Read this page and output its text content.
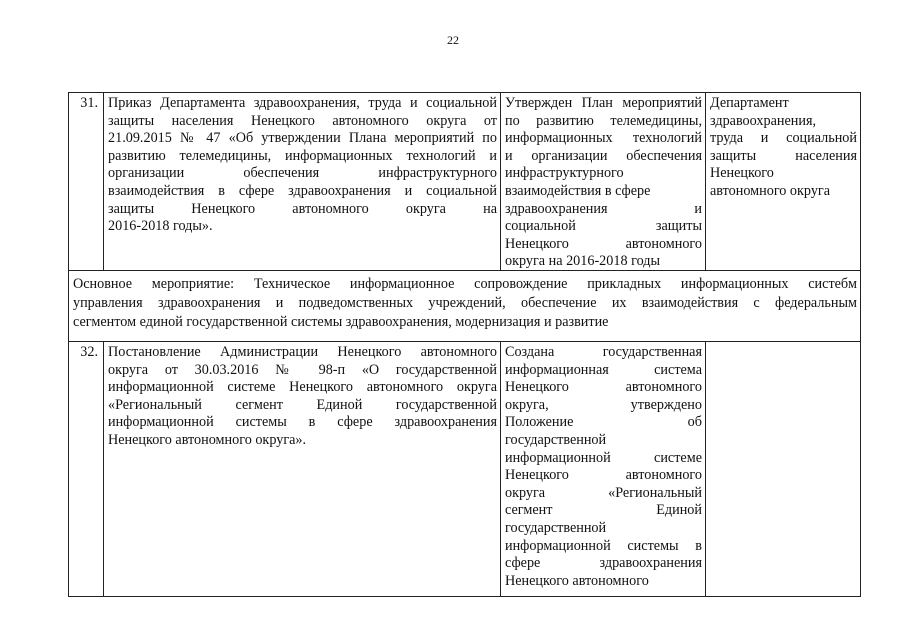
22
31. Приказ Департамента здравоохранения, труда и социальной
защиты населения Ненецкого автономного округа от
21.09.2015 № 47 «Об утверждении Плана мероприятий по
развитию телемедицины, информационных технологий и
организации обеспечения инфраструктурного
взаимодействия в сфере здравоохранения и социальной
защиты Ненецкого автономного округа на
2016-2018 годы».
Утвержден План мероприятий
по развитию телемедицины,
информационных технологий
и организации обеспечения
инфраструктурного
взаимодействия в сфере
здравоохранения и
социальной защиты
Ненецкого автономного
округа на 2016-2018 годы
Департамент
здравоохранения,
труда и социальной
защиты населения
Ненецкого
автономного округа
Основное мероприятие: Техническое информационное сопровождение прикладных информационных систебм
управления здравоохранения и подведомственных учреждений, обеспечение их взаимодействия с федеральным
сегментом единой государственной системы здравоохранения, модернизация и развитие
32. Постановление Администрации Ненецкого автономного
округа от 30.03.2016 № 98-п «О государственной
информационной системе Ненецкого автономного округа
«Региональный сегмент Единой государственной
информационной системы в сфере здравоохранения
Ненецкого автономного округа».
Создана государственная
информационная система
Ненецкого автономного
округа, утверждено
Положение об
государственной
информационной системе
Ненецкого автономного
округа «Региональный
сегмент Единой
государственной
информационной системы в
сфере здравоохранения
Ненецкого автономного
